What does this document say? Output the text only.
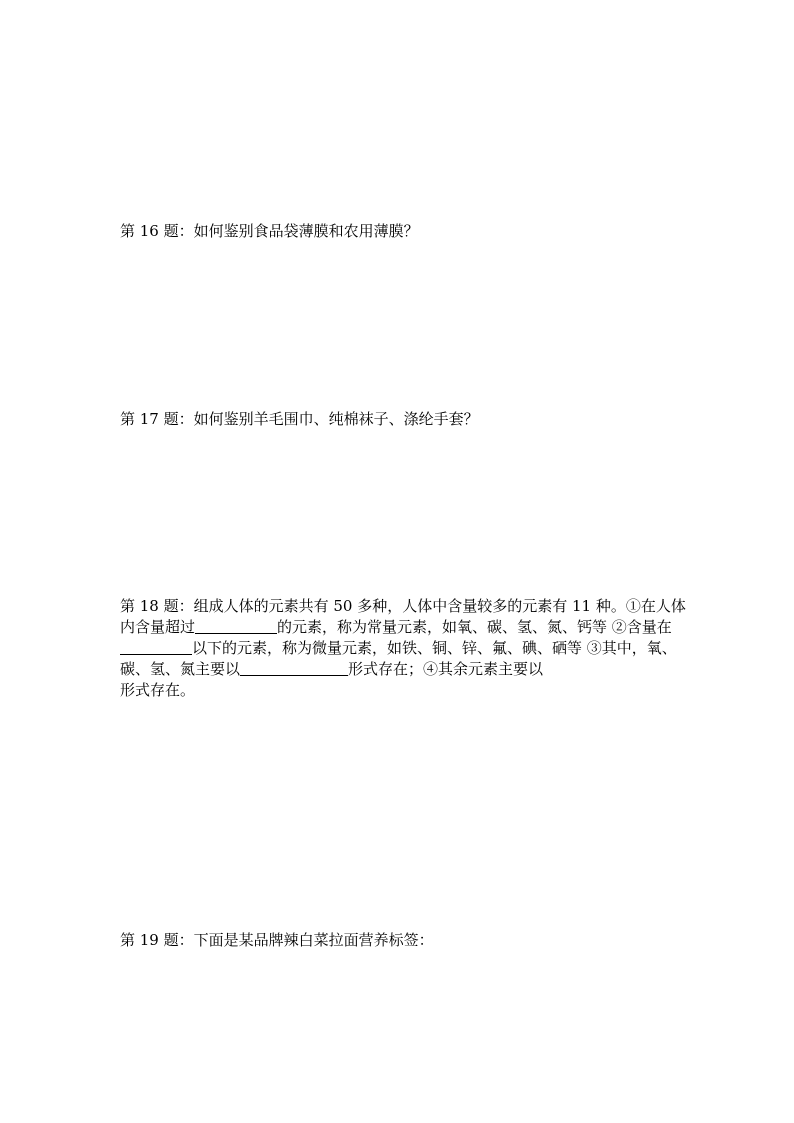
第 16 题：如何鉴别食品袋薄膜和农用薄膜？

第 17 题：如何鉴别羊毛围巾、纯棉袜子、涤纶手套？

第 18 题：组成人体的元素共有 50 多种，人体中含量较多的元素有 11 种。①在人体内含量超过	的元素，称为常量元素，如氧、碳、氢、氮、钙等 ②含量在以下的元素，称为微量元素，如铁、铜、锌、氟、碘、硒等 ③其中，氧、碳、氢、氮主要以	形式存在；④其余元素主要以
形式存在。

第 19 题：下面是某品牌辣白菜拉面营养标签：
